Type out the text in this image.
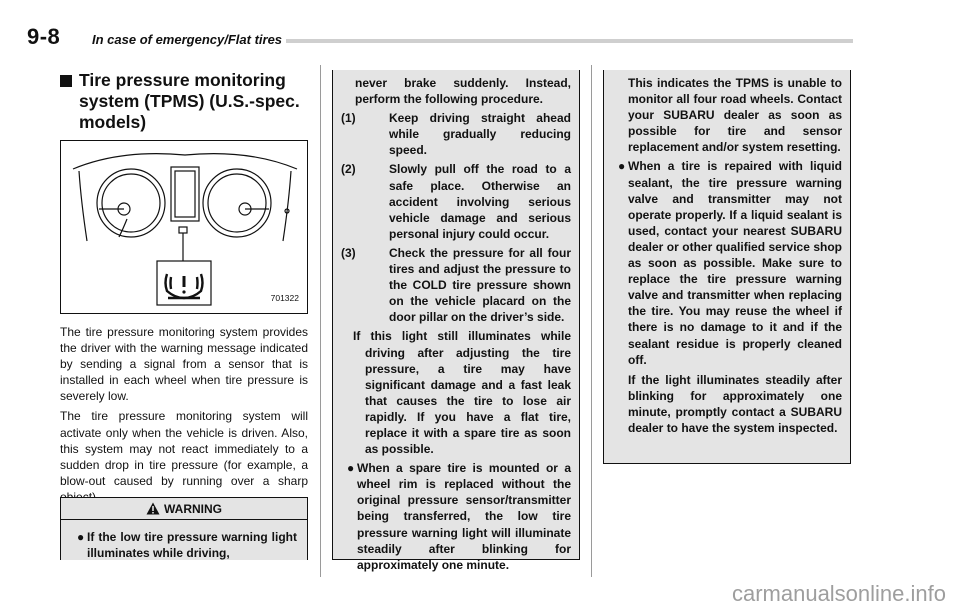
9-8 In case of emergency/Flat tires
Tire pressure monitoring
system (TPMS) (U.S.-spec.
models)
701322

The tire pressure monitoring system provides the driver with the warning message indicated by sending a signal from a sensor that is installed in each wheel when tire pressure is severely low.

The tire pressure monitoring system will activate only when the vehicle is driven. Also, this system may not react immediately to a sudden drop in tire pressure (for example, a blow-out caused by running over a sharp

WARNING
● If the low tire pressure warning light illuminates while driving,
never brake suddenly. Instead, perform the following procedure.
(1)	Keep driving straight ahead while gradually reducing speed.
(2)	Slowly pull off the road to a safe place. Otherwise an accident involving serious vehicle damage and serious personal injury could occur.
(3)	Check the pressure for all four tires and adjust the pressure to the COLD tire pressure shown on the vehicle placard on the door pillar on the driver’s side.
If this light still illuminates while driving after adjusting the tire pressure, a tire may have significant damage and a fast leak that causes the tire to lose air rapidly. If you have a flat tire, replace it with a spare tire as soon as possible.
● When a spare tire is mounted or a wheel rim is replaced without the original pressure sensor/transmitter being transferred, the low tire pressure warning light will illuminate steadily after blinking for approximately one minute.
This indicates the TPMS is unable to monitor all four road wheels. Contact your SUBARU dealer as soon as possible for tire and sensor replacement and/or system resetting.
● When a tire is repaired with liquid sealant, the tire pressure warning valve and transmitter may not operate properly. If a liquid sealant is used, contact your nearest SUBARU dealer or other qualified service shop as soon as possible. Make sure to replace the tire pressure warning valve and transmitter when replacing the tire. You may reuse the wheel if there is no damage to it and if the sealant residue is properly cleaned off.
If the light illuminates steadily after blinking for approximately one minute, promptly contact a SUBARU dealer to have the system inspected.
carmanualsonline.info
